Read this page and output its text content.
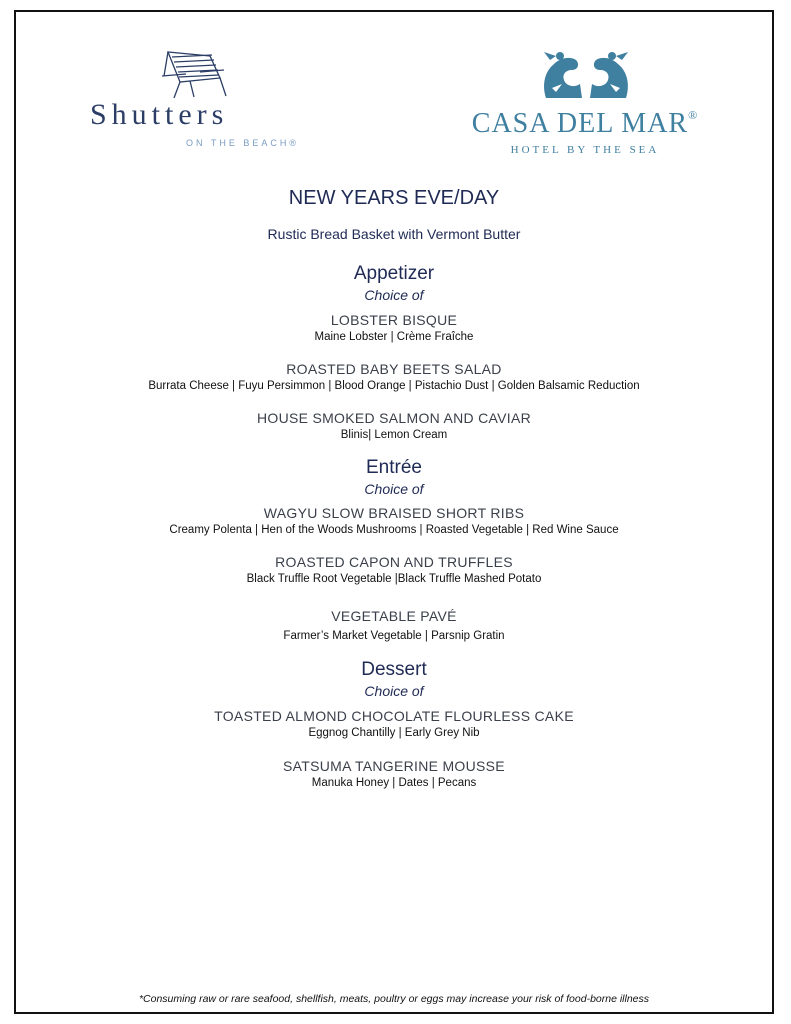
Shutters
ON THE BEACH®
CASA DEL MAR®
HOTEL BY THE SEA
NEW YEARS EVE/DAY
Rustic Bread Basket with Vermont Butter
Appetizer
Choice of
LOBSTER BISQUE
Maine Lobster | Crème Fraîche
ROASTED BABY BEETS SALAD
Burrata Cheese | Fuyu Persimmon | Blood Orange | Pistachio Dust | Golden Balsamic Reduction
HOUSE SMOKED SALMON AND CAVIAR
Blinis| Lemon Cream
Entrée
Choice of
WAGYU SLOW BRAISED SHORT RIBS
Creamy Polenta | Hen of the Woods Mushrooms | Roasted Vegetable | Red Wine Sauce
ROASTED CAPON AND TRUFFLES
Black Truffle Root Vegetable |Black Truffle Mashed Potato
VEGETABLE PAVÉ
Farmer’s Market Vegetable | Parsnip Gratin
Dessert
Choice of
TOASTED ALMOND CHOCOLATE FLOURLESS CAKE
Eggnog Chantilly | Early Grey Nib
SATSUMA TANGERINE MOUSSE
Manuka Honey | Dates | Pecans
*Consuming raw or rare seafood, shellfish, meats, poultry or eggs may increase your risk of food-borne illness
